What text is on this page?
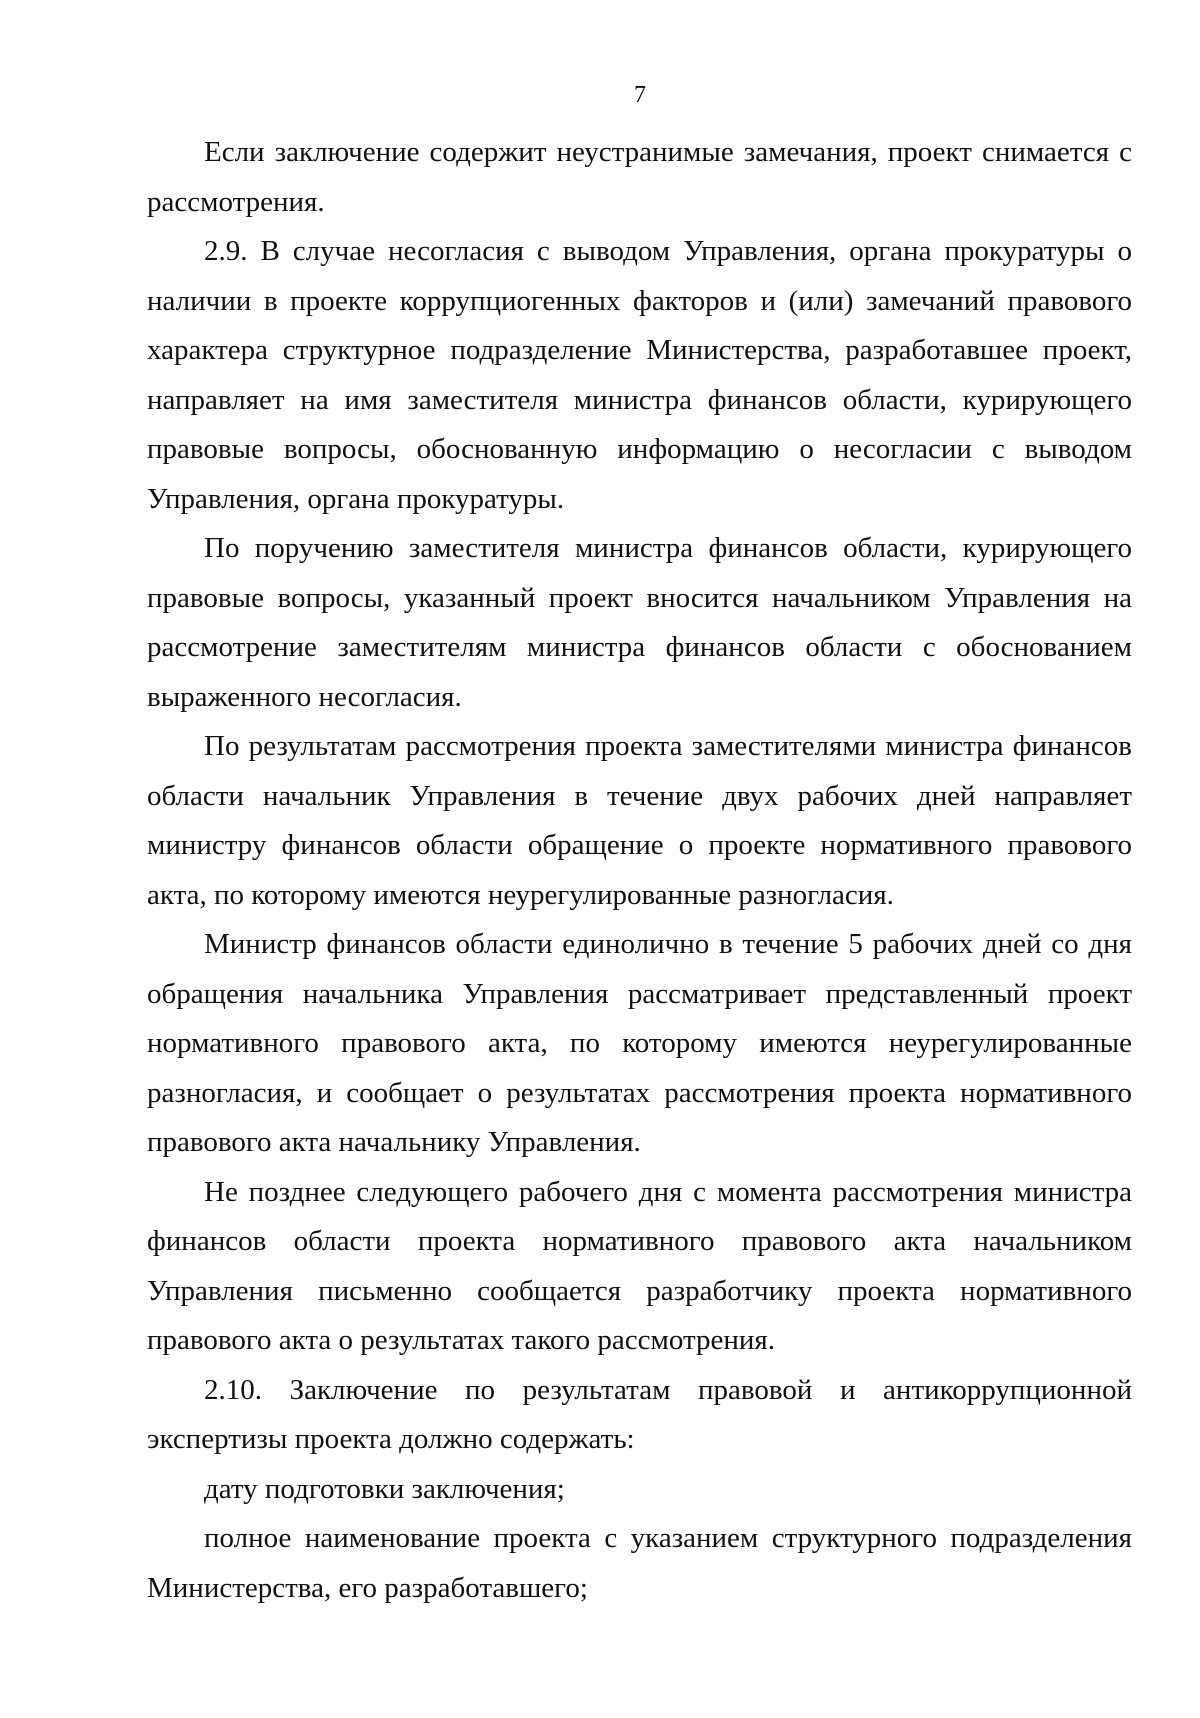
7

Если заключение содержит неустранимые замечания, проект снимается с рассмотрения.

2.9. В случае несогласия с выводом Управления, органа прокуратуры о наличии в проекте коррупциогенных факторов и (или) замечаний правового характера структурное подразделение Министерства, разработавшее проект, направляет на имя заместителя министра финансов области, курирующего правовые вопросы, обоснованную информацию о несогласии с выводом Управления, органа прокуратуры.

По поручению заместителя министра финансов области, курирующего правовые вопросы, указанный проект вносится начальником Управления на рассмотрение заместителям министра финансов области с обоснованием выраженного несогласия.

По результатам рассмотрения проекта заместителями министра финансов области начальник Управления в течение двух рабочих дней направляет министру финансов области обращение о проекте нормативного правового акта, по которому имеются неурегулированные разногласия.

Министр финансов области единолично в течение 5 рабочих дней со дня обращения начальника Управления рассматривает представленный проект нормативного правового акта, по которому имеются неурегулированные разногласия, и сообщает о результатах рассмотрения проекта нормативного правового акта начальнику Управления.

Не позднее следующего рабочего дня с момента рассмотрения министра финансов области проекта нормативного правового акта начальником Управления письменно сообщается разработчику проекта нормативного правового акта о результатах такого рассмотрения.

2.10. Заключение по результатам правовой и антикоррупционной экспертизы проекта должно содержать:

дату подготовки заключения;

полное наименование проекта с указанием структурного подразделения Министерства, его разработавшего;
